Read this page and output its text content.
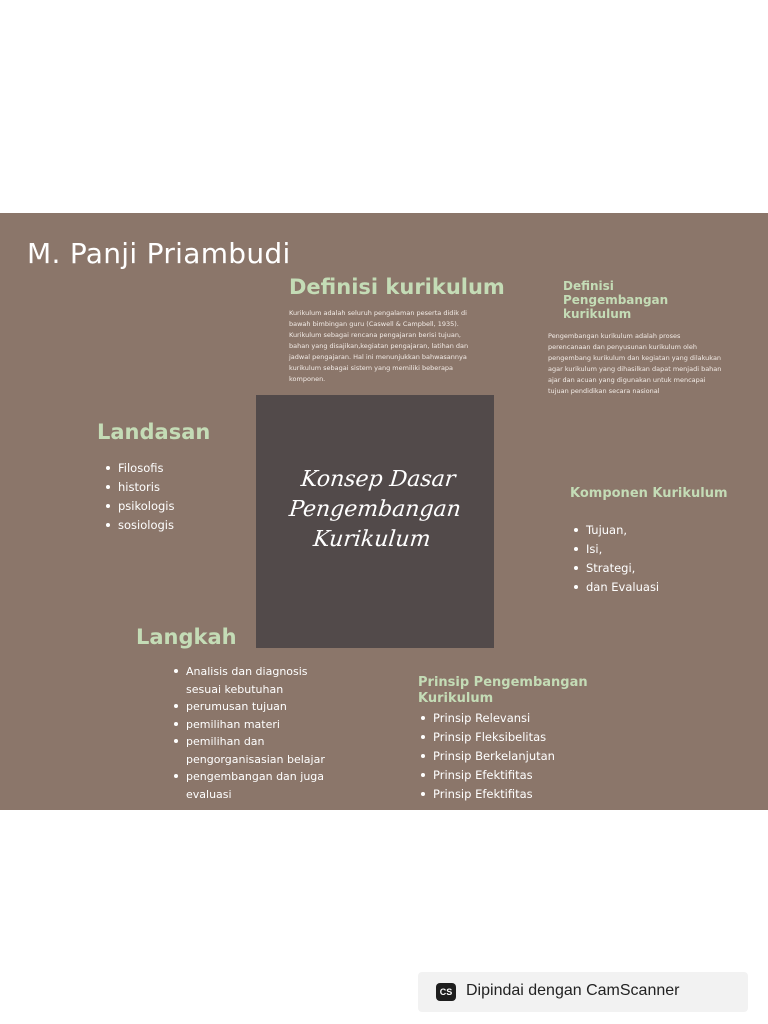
M. Panji Priambudi
Definisi kurikulum

Kurikulum adalah seluruh pengalaman peserta didik di bawah bimbingan guru (Caswell & Campbell, 1935). Kurikulum sebagai rencana pengajaran berisi tujuan, bahan yang disajikan,kegiatan pengajaran, latihan dan jadwal pengajaran. Hal ini menunjukkan bahwasannya kurikulum sebagai sistem yang memiliki beberapa komponen.

Definisi Pengembangan kurikulum

Pengembangan kurikulum adalah proses perencanaan dan penyusunan kurikulum oleh pengembang kurikulum dan kegiatan yang dilakukan agar kurikulum yang dihasilkan dapat menjadi bahan ajar dan acuan yang digunakan untuk mencapai tujuan pendidikan secara nasional

Landasan
Filosofis
historis
psikologis
sosiologis
Konsep Dasar
Pengembangan
Kurikulum
Komponen Kurikulum
Tujuan,
Isi,
Strategi,
dan Evaluasi
Langkah
Analisis dan diagnosis sesuai kebutuhan
perumusan tujuan
pemilihan materi
pemilihan dan pengorganisasian belajar
pengembangan dan juga evaluasi
Prinsip Pengembangan Kurikulum
Prinsip Relevansi
Prinsip Fleksibelitas
Prinsip Berkelanjutan
Prinsip Efektifitas
Prinsip Efektifitas
CS Dipindai dengan CamScanner
